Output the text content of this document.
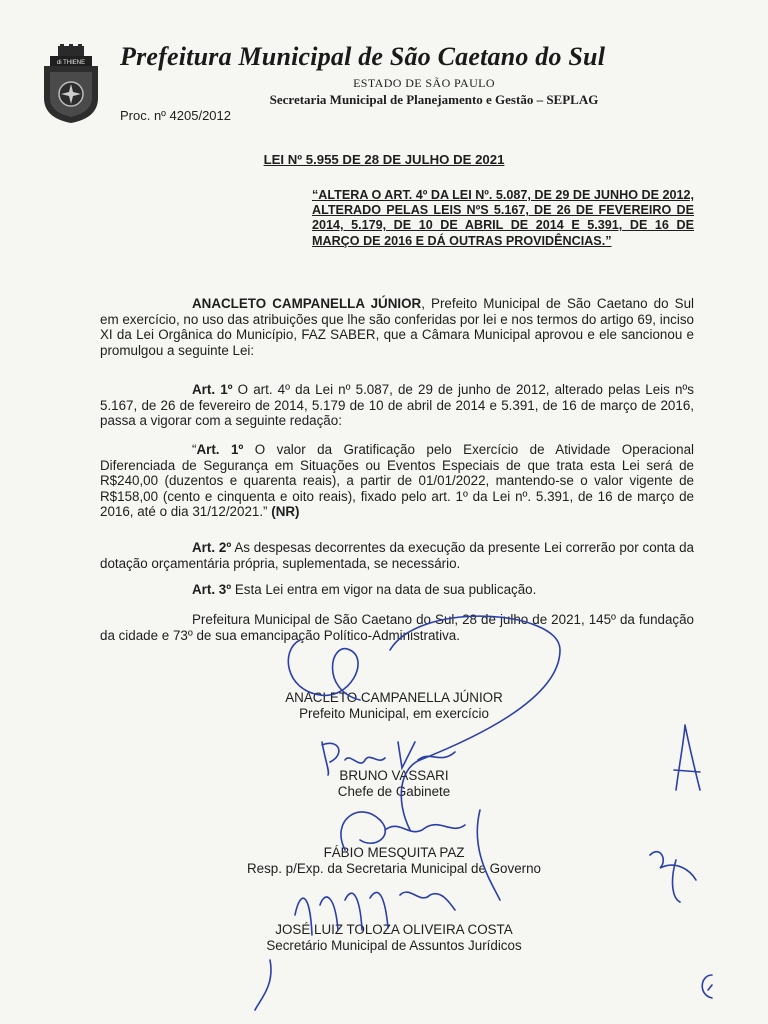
di THIENE Prefeitura Municipal de São Caetano do Sul
ESTADO DE SÃO PAULO
Secretaria Municipal de Planejamento e Gestão – SEPLAG
Proc. nº 4205/2012
LEI Nº 5.955 DE 28 DE JULHO DE 2021
“ALTERA O ART. 4º DA LEI Nº. 5.087, DE 29 DE JUNHO DE 2012, ALTERADO PELAS LEIS NºS 5.167, DE 26 DE FEVEREIRO DE 2014, 5.179, DE 10 DE ABRIL DE 2014 E 5.391, DE 16 DE MARÇO DE 2016 E DÁ OUTRAS PROVIDÊNCIAS.”
ANACLETO CAMPANELLA JÚNIOR, Prefeito Municipal de São Caetano do Sul em exercício, no uso das atribuições que lhe são conferidas por lei e nos termos do artigo 69, inciso XI da Lei Orgânica do Município, FAZ SABER, que a Câmara Municipal aprovou e ele sancionou e promulgou a seguinte Lei:
Art. 1º O art. 4º da Lei nº 5.087, de 29 de junho de 2012, alterado pelas Leis nºs 5.167, de 26 de fevereiro de 2014, 5.179 de 10 de abril de 2014 e 5.391, de 16 de março de 2016, passa a vigorar com a seguinte redação:
“Art. 1º O valor da Gratificação pelo Exercício de Atividade Operacional Diferenciada de Segurança em Situações ou Eventos Especiais de que trata esta Lei será de R$240,00 (duzentos e quarenta reais), a partir de 01/01/2022, mantendo-se o valor vigente de R$158,00 (cento e cinquenta e oito reais), fixado pelo art. 1º da Lei nº. 5.391, de 16 de março de 2016, até o dia 31/12/2021.” (NR)
Art. 2º As despesas decorrentes da execução da presente Lei correrão por conta da dotação orçamentária própria, suplementada, se necessário.
Art. 3º Esta Lei entra em vigor na data de sua publicação.
Prefeitura Municipal de São Caetano do Sul, 28 de julho de 2021, 145º da fundação da cidade e 73º de sua emancipação Político-Administrativa.
ANACLETO CAMPANELLA JÚNIOR
Prefeito Municipal, em exercício
BRUNO VASSARI
Chefe de Gabinete
FÁBIO MESQUITA PAZ
Resp. p/Exp. da Secretaria Municipal de Governo
JOSÉ LUIZ TOLOZA OLIVEIRA COSTA
Secretário Municipal de Assuntos Jurídicos
